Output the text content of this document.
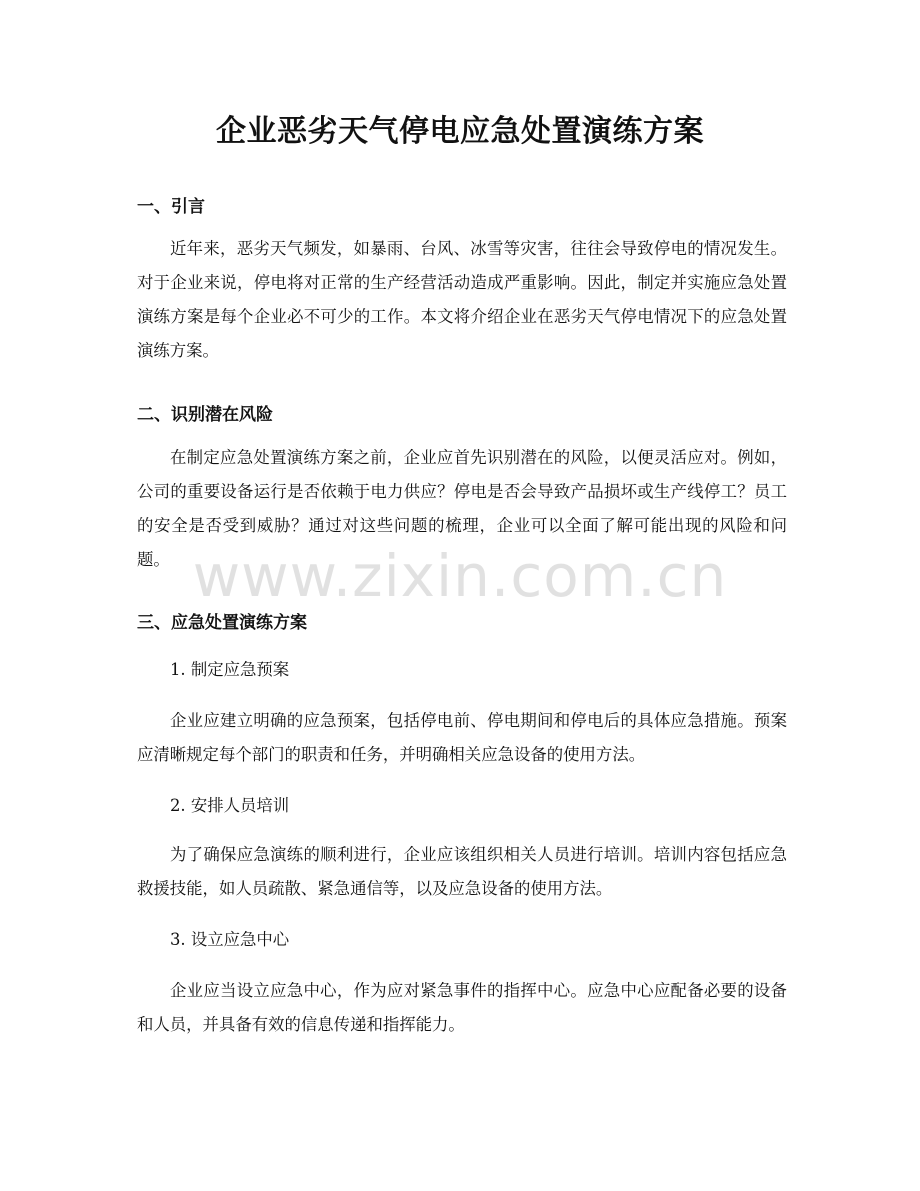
企业恶劣天气停电应急处置演练方案
一、引言

近年来，恶劣天气频发，如暴雨、台风、冰雪等灾害，往往会导致停电的情况发生。对于企业来说，停电将对正常的生产经营活动造成严重影响。因此，制定并实施应急处置演练方案是每个企业必不可少的工作。本文将介绍企业在恶劣天气停电情况下的应急处置演练方案。

二、识别潜在风险

在制定应急处置演练方案之前，企业应首先识别潜在的风险，以便灵活应对。例如，公司的重要设备运行是否依赖于电力供应？停电是否会导致产品损坏或生产线停工？员工的安全是否受到威胁？通过对这些问题的梳理，企业可以全面了解可能出现的风险和问题。

三、应急处置演练方案
1. 制定应急预案

企业应建立明确的应急预案，包括停电前、停电期间和停电后的具体应急措施。预案应清晰规定每个部门的职责和任务，并明确相关应急设备的使用方法。

2. 安排人员培训

为了确保应急演练的顺利进行，企业应该组织相关人员进行培训。培训内容包括应急救援技能，如人员疏散、紧急通信等，以及应急设备的使用方法。

3. 设立应急中心

企业应当设立应急中心，作为应对紧急事件的指挥中心。应急中心应配备必要的设备和人员，并具备有效的信息传递和指挥能力。

www.zixin.com.cn
